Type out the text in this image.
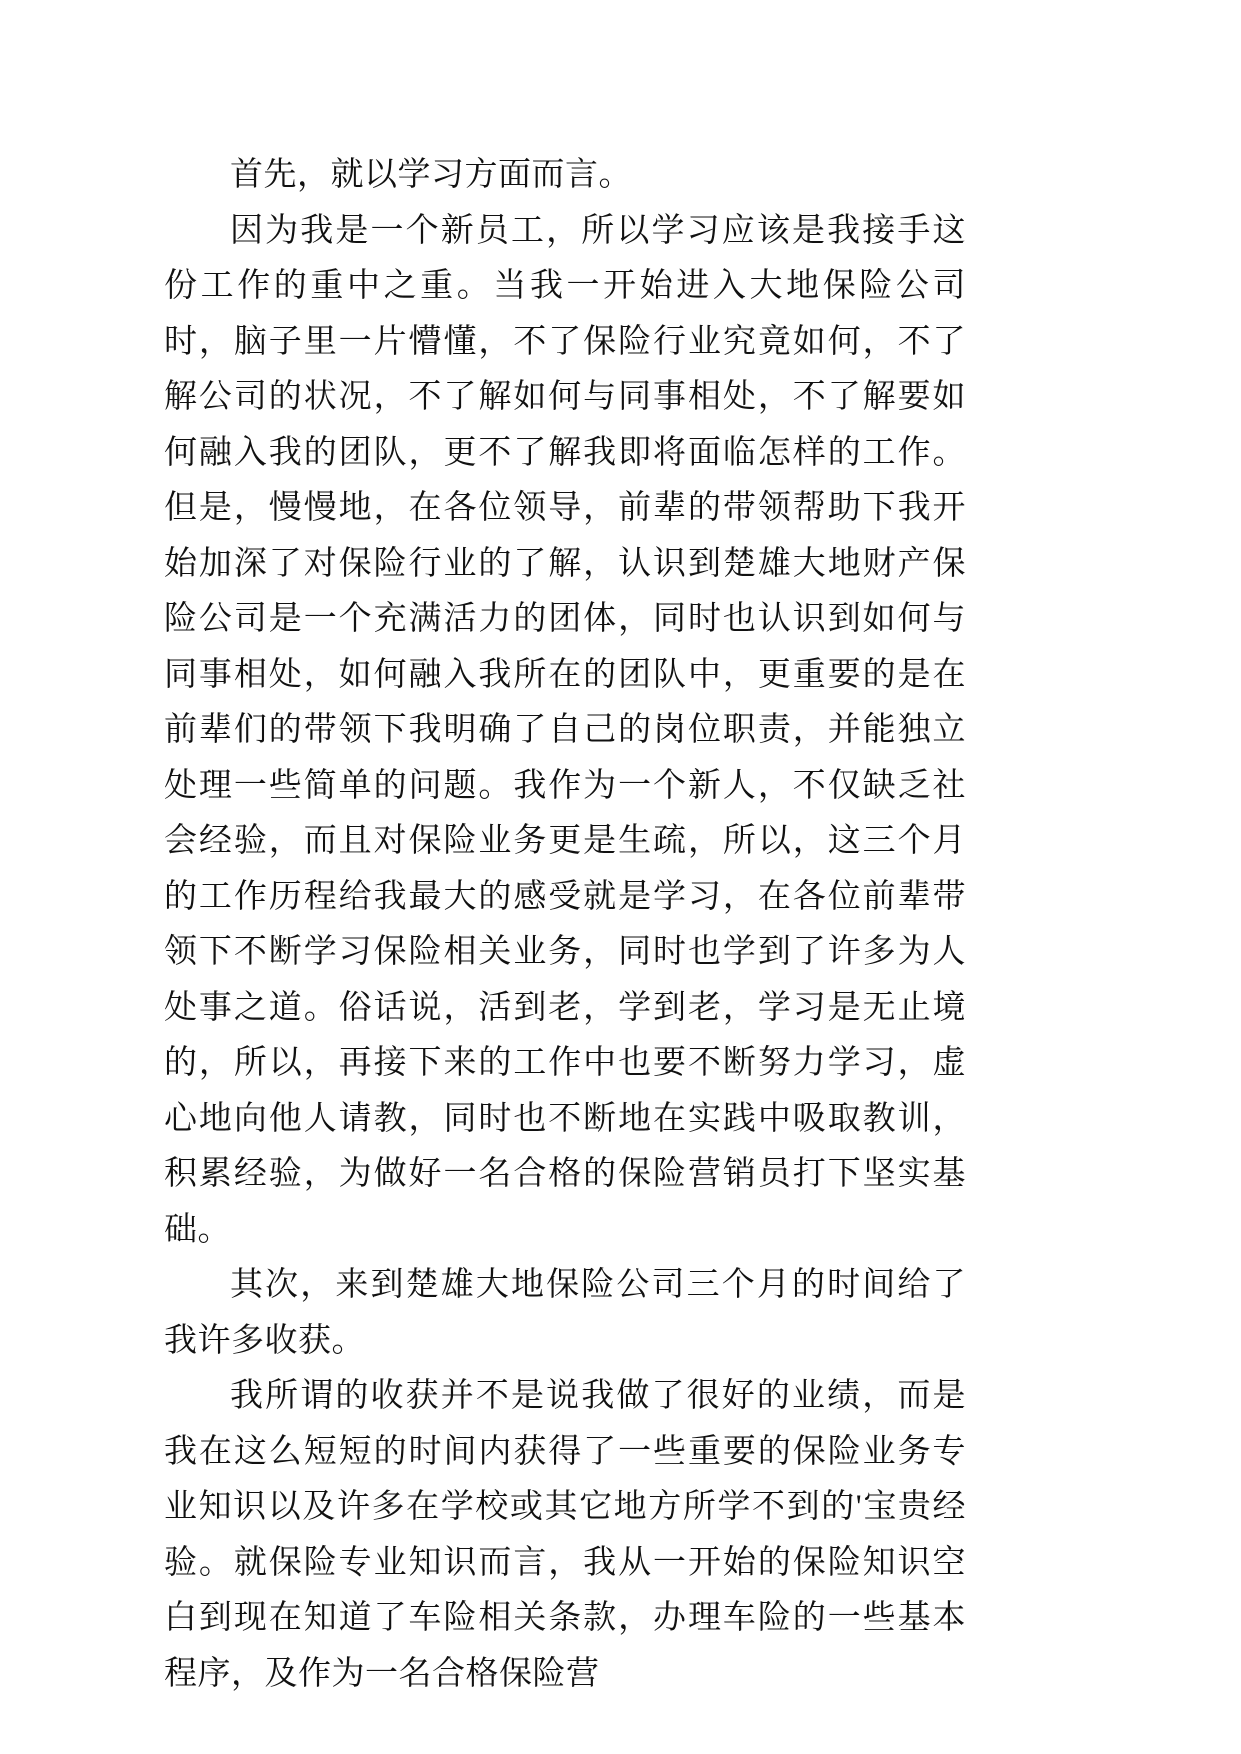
首先，就以学习方面而言。

因为我是一个新员工，所以学习应该是我接手这份工作的重中之重。当我一开始进入大地保险公司时，脑子里一片懵懂，不了保险行业究竟如何，不了解公司的状况，不了解如何与同事相处，不了解要如何融入我的团队，更不了解我即将面临怎样的工作。但是，慢慢地，在各位领导，前辈的带领帮助下我开始加深了对保险行业的了解，认识到楚雄大地财产保险公司是一个充满活力的团体，同时也认识到如何与同事相处，如何融入我所在的团队中，更重要的是在前辈们的带领下我明确了自己的岗位职责，并能独立处理一些简单的问题。我作为一个新人，不仅缺乏社会经验，而且对保险业务更是生疏，所以，这三个月的工作历程给我最大的感受就是学习，在各位前辈带领下不断学习保险相关业务，同时也学到了许多为人处事之道。俗话说，活到老，学到老，学习是无止境的，所以，再接下来的工作中也要不断努力学习，虚心地向他人请教，同时也不断地在实践中吸取教训，积累经验，为做好一名合格的保险营销员打下坚实基础。

其次，来到楚雄大地保险公司三个月的时间给了我许多收获。

我所谓的收获并不是说我做了很好的业绩，而是我在这么短短的时间内获得了一些重要的保险业务专业知识以及许多在学校或其它地方所学不到的'宝贵经验。就保险专业知识而言，我从一开始的保险知识空白到现在知道了车险相关条款，办理车险的一些基本程序，及作为一名合格保险营
